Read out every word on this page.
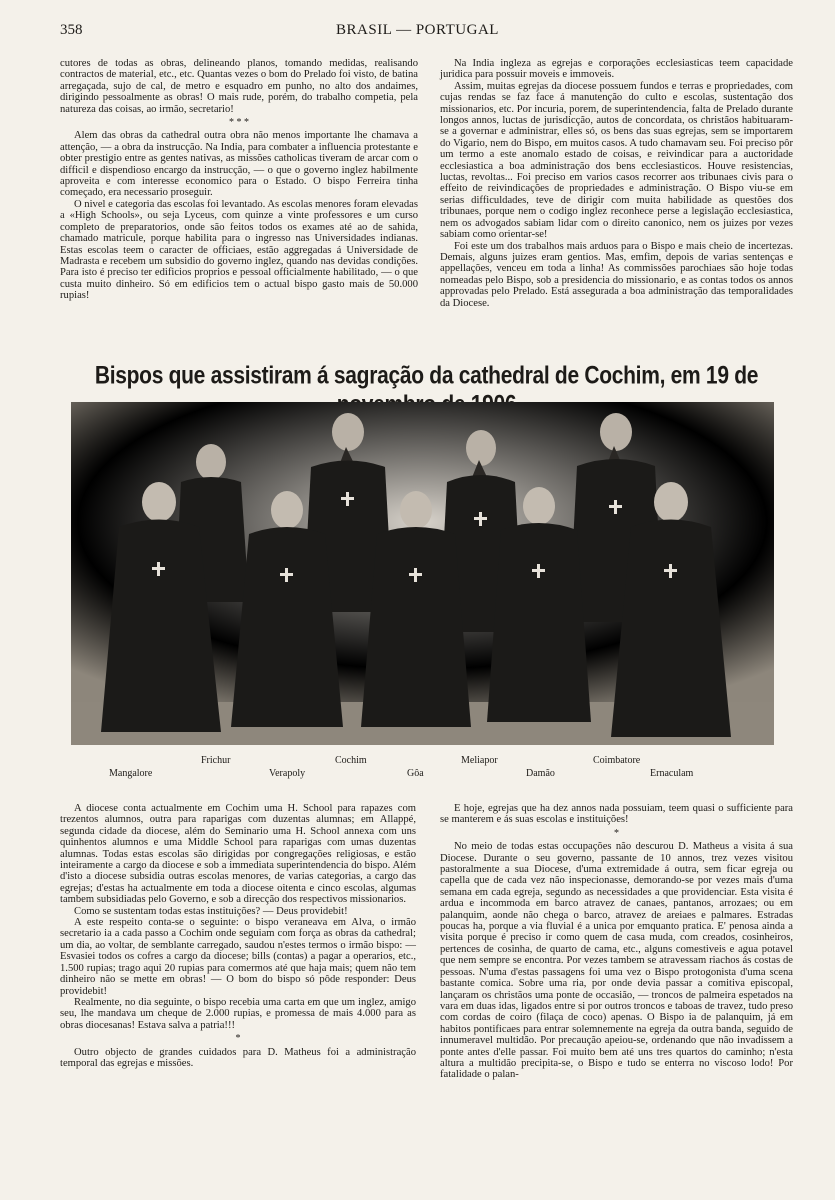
358	BRASIL — PORTUGAL

cutores de todas as obras, delineando planos, tomando medidas, realisando contractos de material, etc., etc. Quantas vezes o bom do Prelado foi visto, de batina arregaçada, sujo de cal, de metro e esquadro em punho, no alto dos andaimes, dirigindo pessoalmente as obras! O mais rude, porém, do trabalho competia, pela natureza das coisas, ao irmão, secretario!

* * *

Alem das obras da cathedral outra obra não menos importante lhe chamava a attenção, — a obra da instrucção. Na India, para combater a influencia protestante e obter prestigio entre as gentes nativas, as missões catholicas tiveram de arcar com o difficil e dispendioso encargo da instrucção, — o que o governo inglez habilmente aproveita e com interesse economico para o Estado. O bispo Ferreira tinha começado, era necessario proseguir.

O nivel e categoria das escolas foi levantado. As escolas menores foram elevadas a «High Schools», ou seja Lyceus, com quinze a vinte professores e um curso completo de preparatorios, onde são feitos todos os exames até ao de sahida, chamado matricule, porque habilita para o ingresso nas Universidades indianas. Estas escolas teem o caracter de officiaes, estão aggregadas á Universidade de Madrasta e recebem um subsidio do governo inglez, quando nas devidas condições. Para isto é preciso ter edificios proprios e pessoal officialmente habilitado, — o que custa muito dinheiro. Só em edificios tem o actual bispo gasto mais de 50.000 rupias!

Na India ingleza as egrejas e corporações ecclesiasticas teem capacidade juridica para possuir moveis e immoveis.

Assim, muitas egrejas da diocese possuem fundos e terras e propriedades, com cujas rendas se faz face á manutenção do culto e escolas, sustentação dos missionarios, etc. Por incuria, porem, de superintendencia, falta de Prelado durante longos annos, luctas de jurisdicção, autos de concordata, os christãos habituaram-se a governar e administrar, elles só, os bens das suas egrejas, sem se importarem do Vigario, nem do Bispo, em muitos casos. A tudo chamavam seu. Foi preciso pôr um termo a este anomalo estado de coisas, e reivindicar para a auctoridade ecclesiastica a boa administração dos bens ecclesiasticos. Houve resistencias, luctas, revoltas... Foi preciso em varios casos recorrer aos tribunaes civis para o effeito de reivindicações de propriedades e administração. O Bispo viu-se em serias difficuldades, teve de dirigir com muita habilidade as questões dos tribunaes, porque nem o codigo inglez reconhece perse a legislação ecclesiastica, nem os advogados sabiam lidar com o direito canonico, nem os juizes por vezes sabiam como orientar-se!

Foi este um dos trabalhos mais arduos para o Bispo e mais cheio de incertezas. Demais, alguns juizes eram gentios. Mas, emfim, depois de varias sentenças e appellações, venceu em toda a linha! As commissões parochiaes são hoje todas nomeadas pelo Bispo, sob a presidencia do missionario, e as contas todos os annos approvadas pelo Prelado. Está assegurada a boa administração das temporalidades da Diocese.

Bispos que assistiram á sagração da cathedral de Cochim, em 19 de
Frichur	Cochim	Meliapor	Coimbatore
Mangalore	Verapoly	Gôa	Damão	Ernaculam

A diocese conta actualmente em Cochim uma H. School para rapazes com trezentos alumnos, outra para raparigas com duzentas alumnas; em Allappé, segunda cidade da diocese, além do Seminario uma H. School annexa com uns quinhentos alumnos e uma Middle School para raparigas com umas duzentas alumnas. Todas estas escolas são dirigidas por congregações religiosas, e estão inteiramente a cargo da diocese e sob a immediata superintendencia do bispo. Além d'isto a diocese subsidia outras escolas menores, de varias categorias, a cargo das egrejas; d'estas ha actualmente em toda a diocese oitenta e cinco escolas, algumas tambem subsidiadas pelo Governo, e sob a direcção dos respectivos missionarios.

Como se sustentam todas estas instituições? — Deus providebit!

A este respeito conta-se o seguinte: o bispo veraneava em Alva, o irmão secretario ia a cada passo a Cochim onde seguiam com força as obras da cathedral; um dia, ao voltar, de semblante carregado, saudou n'estes termos o irmão bispo: — Esvasiei todos os cofres a cargo da diocese; bills (contas) a pagar a operarios, etc., 1.500 rupias; trago aqui 20 rupias para comermos até que haja mais; quem não tem dinheiro não se mette em obras! — O bom do bispo só pôde responder: Deus providebit!

Realmente, no dia seguinte, o bispo recebia uma carta em que um inglez, amigo seu, lhe mandava um cheque de 2.000 rupias, e promessa de mais 4.000 para as obras diocesanas! Estava salva a patria!!!

*

Outro objecto de grandes cuidados para D. Matheus foi a administração temporal das egrejas e missões.

E hoje, egrejas que ha dez annos nada possuiam, teem quasi o sufficiente para se manterem e ás suas escolas e instituições!

*

No meio de todas estas occupações não descurou D. Matheus a visita á sua Diocese. Durante o seu governo, passante de 10 annos, trez vezes visitou pastoralmente a sua Diocese, d'uma extremidade á outra, sem ficar egreja ou capella que de cada vez não inspecionasse, demorando-se por vezes mais d'uma semana em cada egreja, segundo as necessidades a que providenciar. Esta visita é ardua e incommoda em barco atravez de canaes, pantanos, arrozaes; ou em palanquim, aonde não chega o barco, atravez de areiaes e palmares. Estradas poucas ha, porque a via fluvial é a unica por emquanto pratica. E' penosa ainda a visita porque é preciso ir como quem de casa muda, com creados, cosinheiros, pertences de cosinha, de quarto de cama, etc., alguns comestiveis e agua potavel que nem sempre se encontra. Por vezes tambem se atravessam riachos ás costas de pessoas. N'uma d'estas passagens foi uma vez o Bispo protogonista d'uma scena bastante comica. Sobre uma ria, por onde devia passar a comitiva episcopal, lançaram os christãos uma ponte de occasião, — troncos de palmeira espetados na vara em duas idas, ligados entre si por outros troncos e taboas de travez, tudo preso com cordas de coiro (filaça de coco) apenas. O Bispo ia de palanquim, já em habitos pontificaes para entrar solemnemente na egreja da outra banda, seguido de innumeravel multidão. Por precaução apeiou-se, ordenando que não invadissem a ponte antes d'elle passar. Foi muito bem até uns tres quartos do caminho; n'esta altura a multidão precipita-se, o Bispo e tudo se enterra no viscoso lodo! Por fatalidade o palan-
